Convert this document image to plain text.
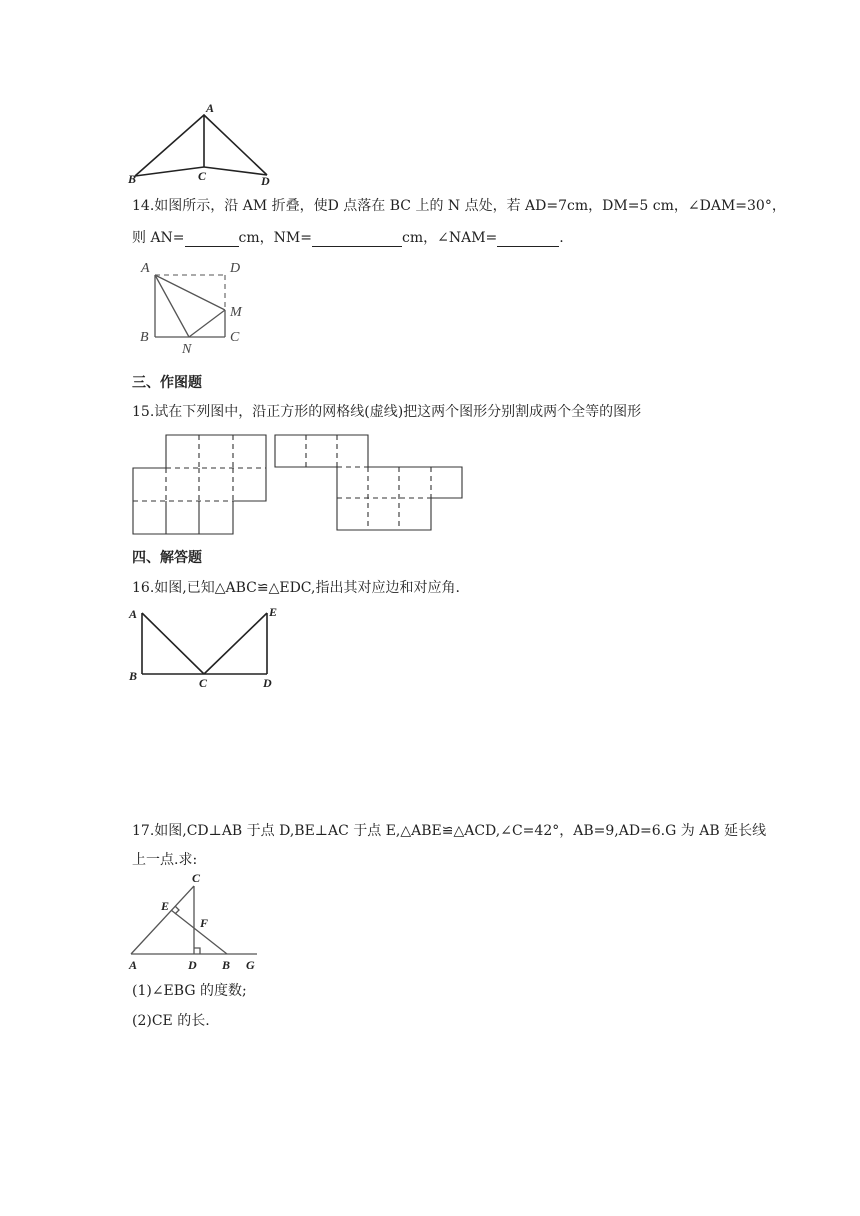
A
B	C	D
14.如图所示，沿 AM 折叠，使D 点落在 BC 上的 N 点处，若 AD=7cm，DM=5 cm，∠DAM=30°，
则 AN=	cm，NM=	cm，∠NAM=	.
A	D
M
B	C
N
三、作图题
15.试在下列图中，沿正方形的网格线(虚线)把这两个图形分别割成两个全等的图形
四、解答题
16.如图,已知△ABC≌△EDC,指出其对应边和对应角.
A	E
B	C	D
17.如图,CD⊥AB 于点 D,BE⊥AC 于点 E,△ABE≌△ACD,∠C=42°，AB=9,AD=6.G 为 AB 延长线
上一点.求:
C
E
F
A	D B G
(1)∠EBG 的度数;
(2)CE 的长.
